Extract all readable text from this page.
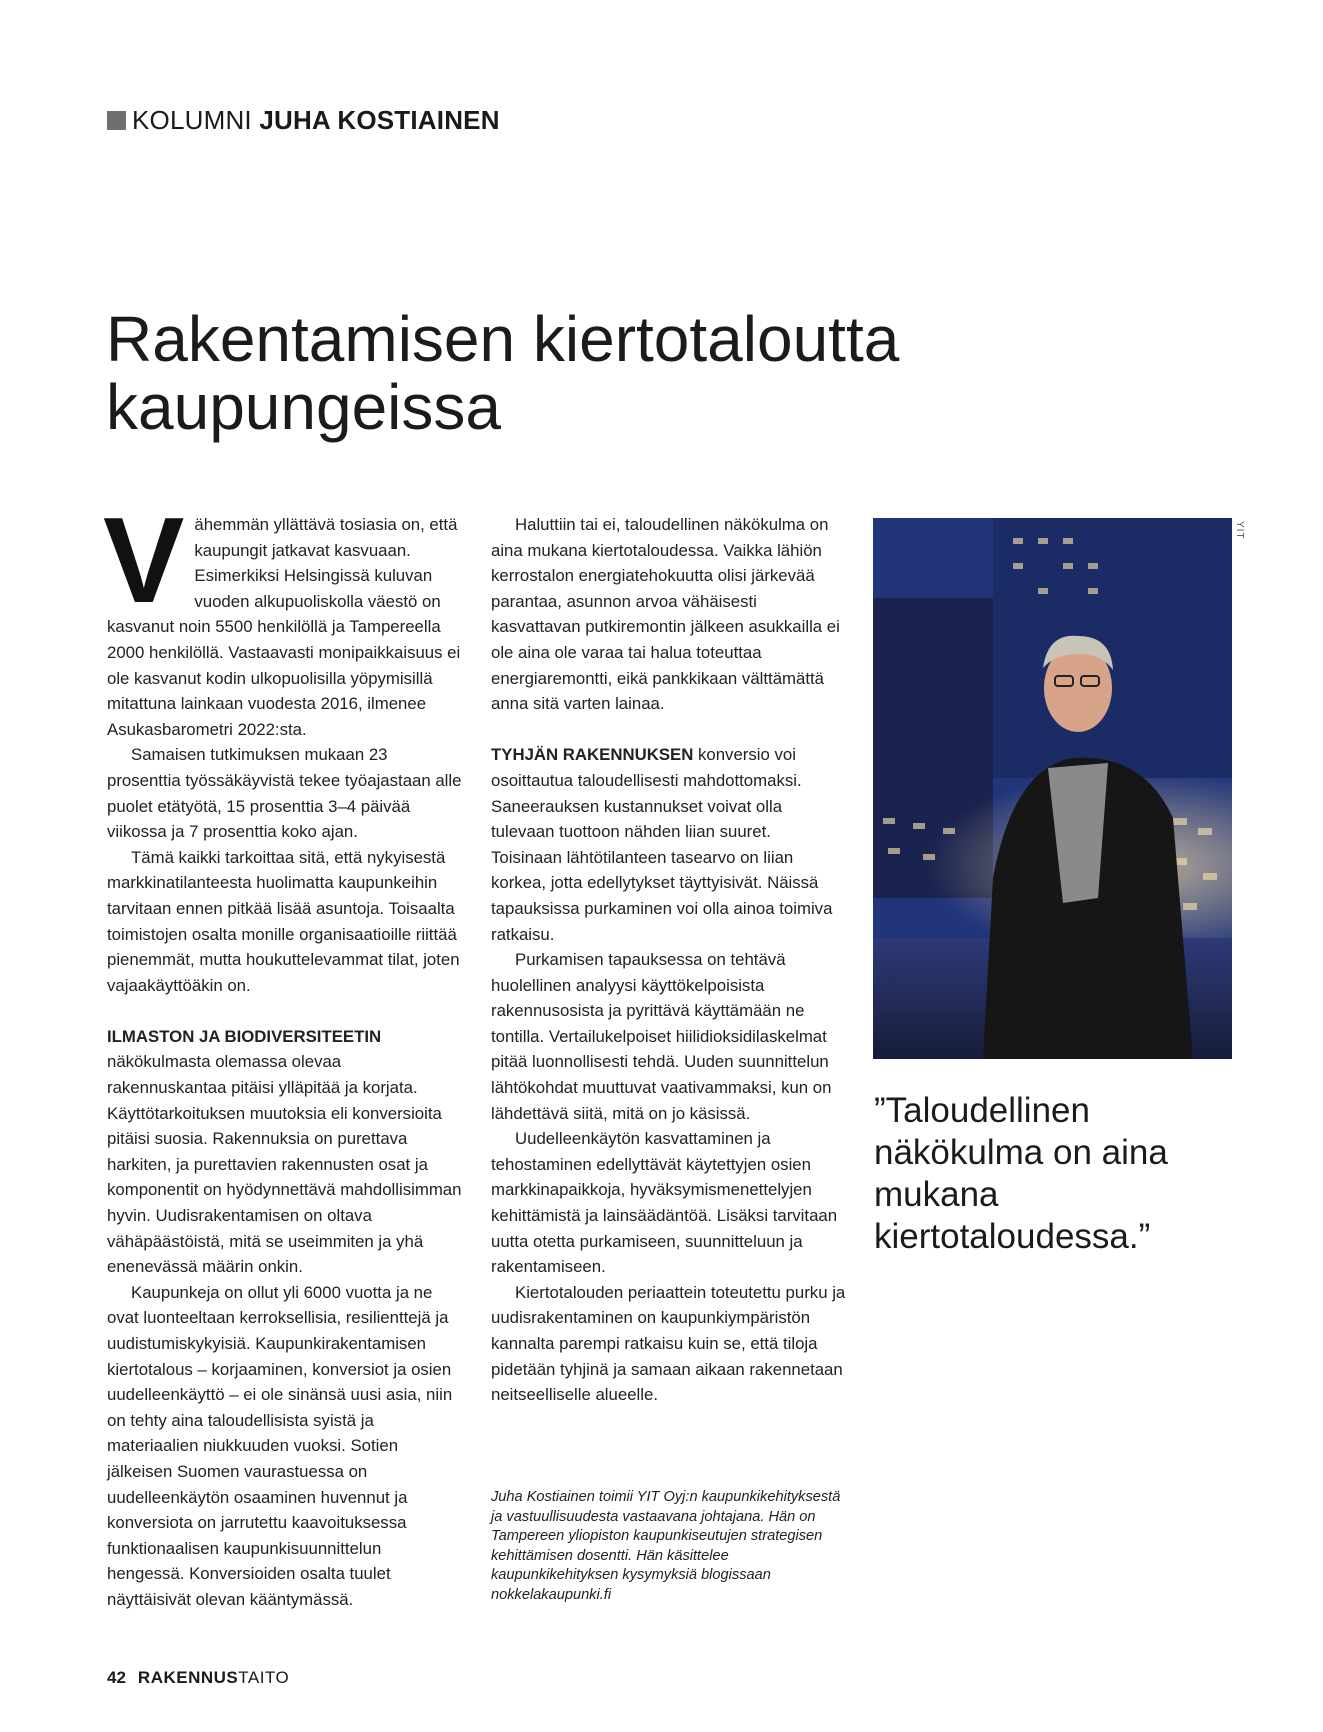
KOLUMNI JUHA KOSTIAINEN
Rakentamisen kiertotaloutta
kaupungeissa

Vähemmän yllättävä tosiasia on, että kaupungit jatkavat kasvuaan. Esimerkiksi Helsingissä kuluvan vuoden alkupuoliskolla väestö on kasvanut noin 5500 henkilöllä ja Tampereella 2000 henkilöllä. Vastaavasti monipaikkaisuus ei ole kasvanut kodin ulkopuolisilla yöpymisillä mitattuna lainkaan vuodesta 2016, ilmenee Asukasbarometri 2022:sta.

Samaisen tutkimuksen mukaan 23 prosenttia työssäkäyvistä tekee työajastaan alle puolet etätyötä, 15 prosenttia 3–4 päivää viikossa ja 7 prosenttia koko ajan.

Tämä kaikki tarkoittaa sitä, että nykyisestä markkinatilanteesta huolimatta kaupunkeihin tarvitaan ennen pitkää lisää asuntoja. Toisaalta toimistojen osalta monille organisaatioille riittää pienemmät, mutta houkuttelevammat tilat, joten vajaakäyttöäkin on.

ILMASTON JA BIODIVERSITEETIN näkökulmasta olemassa olevaa rakennuskantaa pitäisi ylläpitää ja korjata. Käyttötarkoituksen muutoksia eli konversioita pitäisi suosia. Rakennuksia on purettava harkiten, ja purettavien rakennusten osat ja komponentit on hyödynnettävä mahdollisimman hyvin. Uudisrakentamisen on oltava vähäpäästöistä, mitä se useimmiten ja yhä enenevässä määrin onkin.

Kaupunkeja on ollut yli 6000 vuotta ja ne ovat luonteeltaan kerroksellisia, resilienttejä ja uudistumiskykyisiä. Kaupunkirakentamisen kiertotalous – korjaaminen, konversiot ja osien uudelleenkäyttö – ei ole sinänsä uusi asia, niin on tehty aina taloudellisista syistä ja materiaalien niukkuuden vuoksi. Sotien jälkeisen Suomen vaurastuessa on uudelleenkäytön osaaminen huvennut ja konversiota on jarrutettu kaavoituksessa funktionaalisen kaupunkisuunnittelun hengessä. Konversioiden osalta tuulet näyttäisivät olevan kääntymässä.

Haluttiin tai ei, taloudellinen näkökulma on aina mukana kiertotaloudessa. Vaikka lähiön kerrostalon energiatehokuutta olisi järkevää parantaa, asunnon arvoa vähäisesti kasvattavan putkiremontin jälkeen asukkailla ei ole aina ole varaa tai halua toteuttaa energiaremontti, eikä pankkikaan välttämättä anna sitä varten lainaa.

TYHJÄN RAKENNUKSEN konversio voi osoittautua taloudellisesti mahdottomaksi. Saneerauksen kustannukset voivat olla tulevaan tuottoon nähden liian suuret. Toisinaan lähtötilanteen tasearvo on liian korkea, jotta edellytykset täyttyisivät. Näissä tapauksissa purkaminen voi olla ainoa toimiva ratkaisu.

Purkamisen tapauksessa on tehtävä huolellinen analyysi käyttökelpoisista rakennusosista ja pyrittävä käyttämään ne tontilla. Vertailukelpoiset hiilidioksidilaskelmat pitää luonnollisesti tehdä. Uuden suunnittelun lähtökohdat muuttuvat vaativammaksi, kun on lähdettävä siitä, mitä on jo käsissä.

Uudelleenkäytön kasvattaminen ja tehostaminen edellyttävät käytettyjen osien markkinapaikkoja, hyväksymismenettelyjen kehittämistä ja lainsäädäntöä. Lisäksi tarvitaan uutta otetta purkamiseen, suunnitteluun ja rakentamiseen.

Kiertotalouden periaattein toteutettu purku ja uudisrakentaminen on kaupunkiympäristön kannalta parempi ratkaisu kuin se, että tiloja pidetään tyhjinä ja samaan aikaan rakennetaan neitseelliselle alueelle.

Juha Kostiainen toimii YIT Oyj:n kaupunkikehityksestä ja vastuullisuudesta vastaavana johtajana. Hän on Tampereen yliopiston kaupunkiseutujen strategisen kehittämisen dosentti. Hän käsittelee kaupunkikehityksen kysymyksiä blogissaan nokkelakaupunki.fi
YIT
”Taloudellinen näkökulma on aina mukana kiertotaloudessa.”
42 RAKENNUSTAITO
